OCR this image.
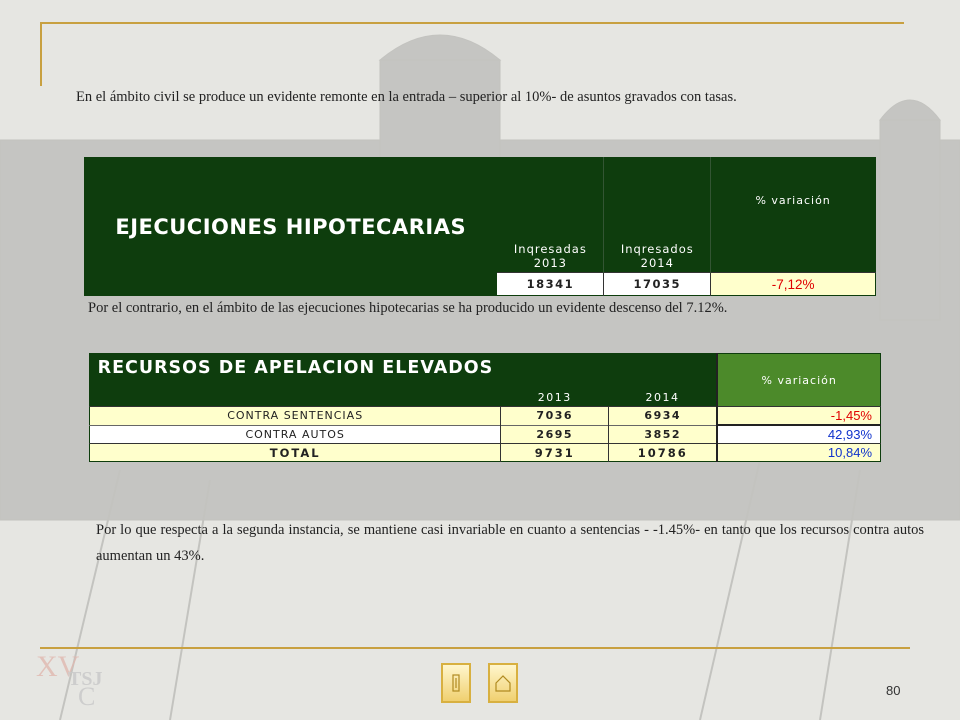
En el ámbito civil se produce un evidente remonte en la entrada – superior al 10%- de asuntos gravados con tasas.
EJECUCIONES HIPOTECARIAS	Inqresadas 2013	Inqresados 2014	% variación
	18341	17035	-7,12%
Por el contrario, en el ámbito de las ejecuciones hipotecarias se ha producido un evidente descenso del 7.12%.
RECURSOS DE APELACION ELEVADOS	2013	2014	% variación
CONTRA SENTENCIAS	7036	6934	-1,45%
CONTRA AUTOS	2695	3852	42,93%
TOTAL	9731	10786	10,84%
Por lo que respecta a la segunda instancia, se mantiene casi invariable en cuanto a sentencias - -1.45%- en tanto que los recursos contra autos aumentan un 43%.
XV
TSJ
C	80
